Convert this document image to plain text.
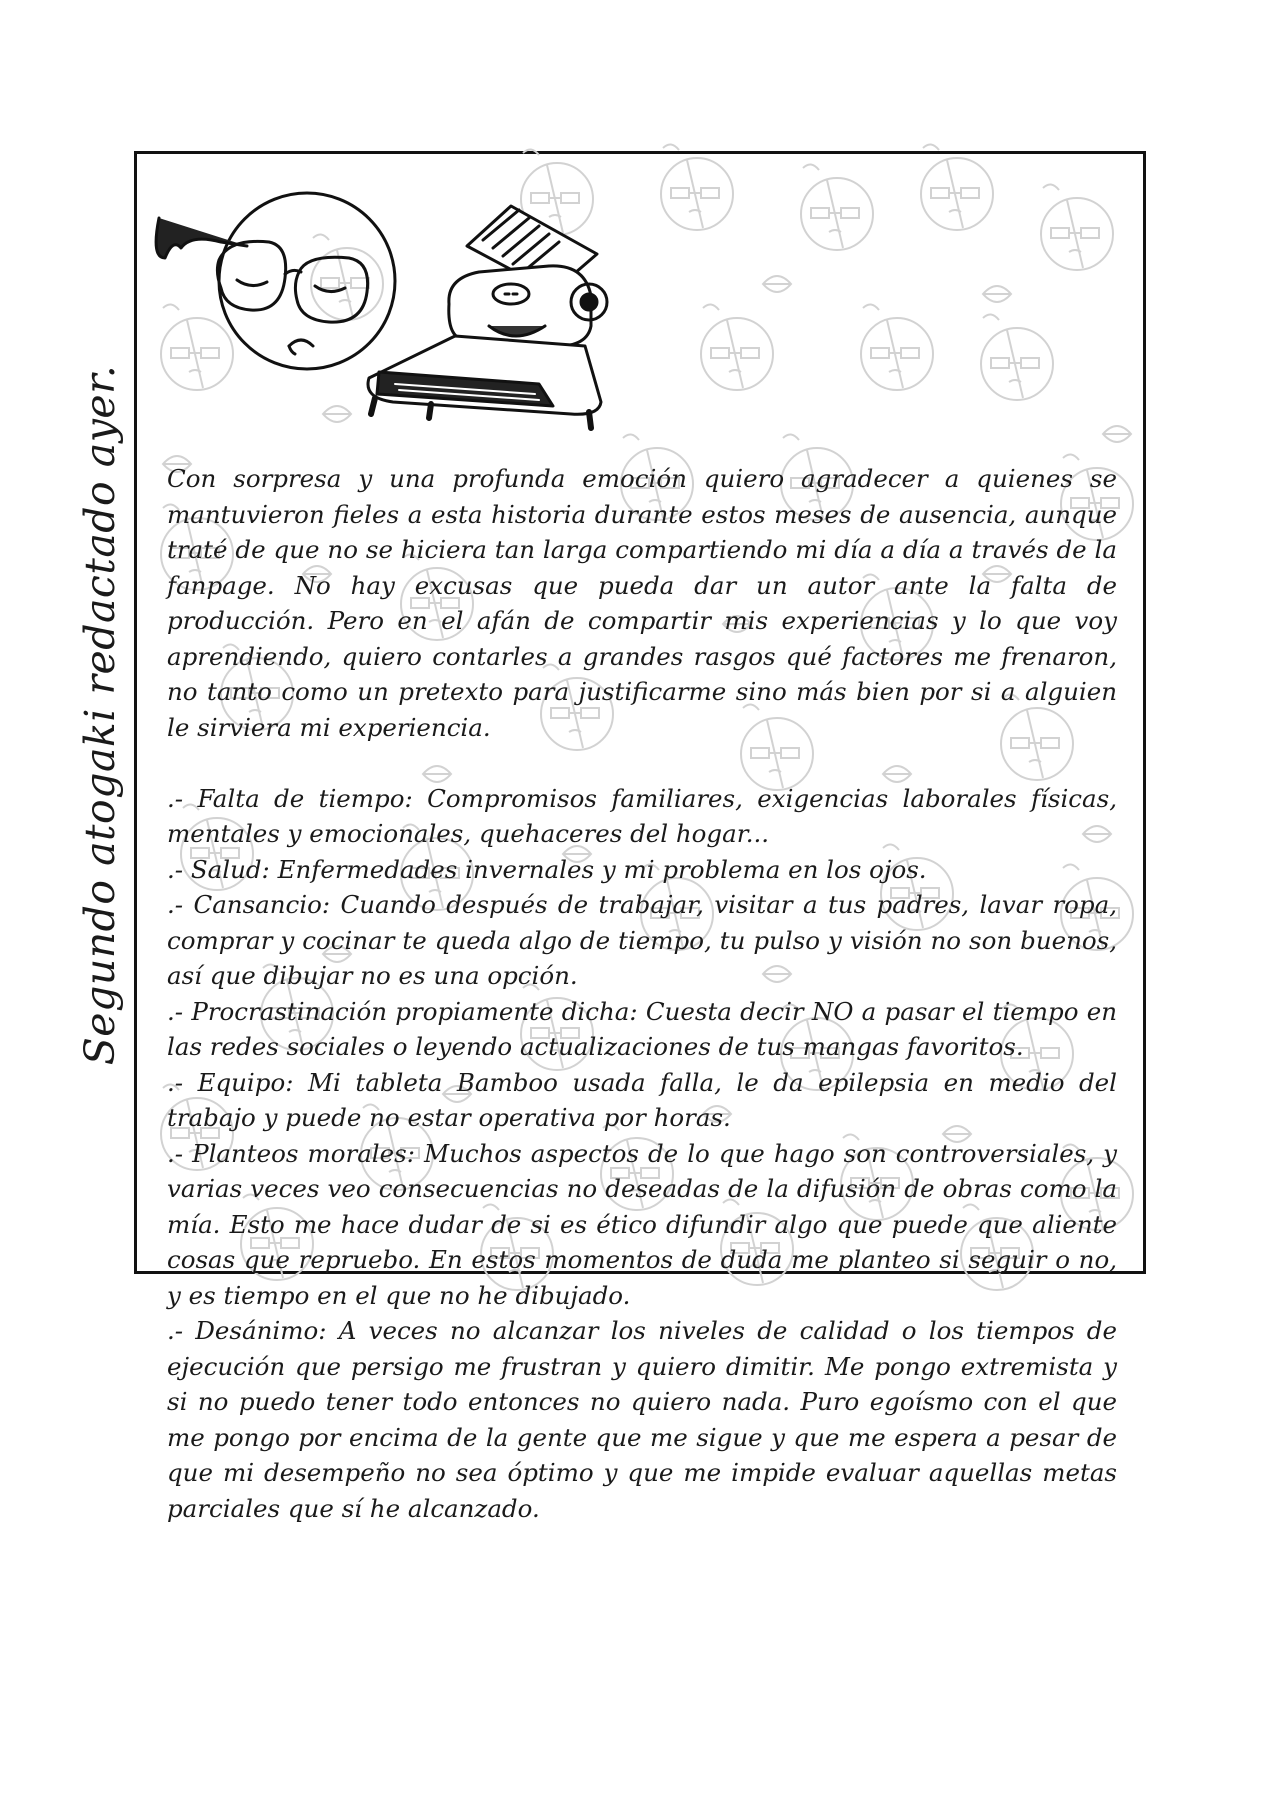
Segundo atogaki redactado ayer. Con sorpresa y una profunda emoción quiero agradecer a quienes se mantuvieron fieles a esta historia durante estos meses de ausencia, aunque traté de que no se hiciera tan larga compartiendo mi día a día a través de la fanpage. No hay excusas que pueda dar un autor ante la falta de producción. Pero en el afán de compartir mis experiencias y lo que voy aprendiendo, quiero contarles a grandes rasgos qué factores me frenaron, no tanto como un pretexto para justificarme sino más bien por si a alguien le sirviera mi experiencia.

.- Falta de tiempo: Compromisos familiares, exigencias laborales físicas, mentales y emocionales, quehaceres del hogar...
.- Salud: Enfermedades invernales y mi problema en los ojos.
.- Cansancio: Cuando después de trabajar, visitar a tus padres, lavar ropa, comprar y cocinar te queda algo de tiempo, tu pulso y visión no son buenos, así que dibujar no es una opción.
.- Procrastinación propiamente dicha: Cuesta decir NO a pasar el tiempo en las redes sociales o leyendo actualizaciones de tus mangas favoritos.
.- Equipo: Mi tableta Bamboo usada falla, le da epilepsia en medio del trabajo y puede no estar operativa por horas.
.- Planteos morales: Muchos aspectos de lo que hago son controversiales, y varias veces veo consecuencias no deseadas de la difusión de obras como la mía. Esto me hace dudar de si es ético difundir algo que puede que aliente cosas que repruebo. En estos momentos de duda me planteo si seguir o no, y es tiempo en el que no he dibujado.
.- Desánimo: A veces no alcanzar los niveles de calidad o los tiempos de ejecución que persigo me frustran y quiero dimitir. Me pongo extremista y si no puedo tener todo entonces no quiero nada. Puro egoísmo con el que me pongo por encima de la gente que me sigue y que me espera a pesar de que mi desempeño no sea óptimo y que me impide evaluar aquellas metas parciales que sí he alcanzado.
